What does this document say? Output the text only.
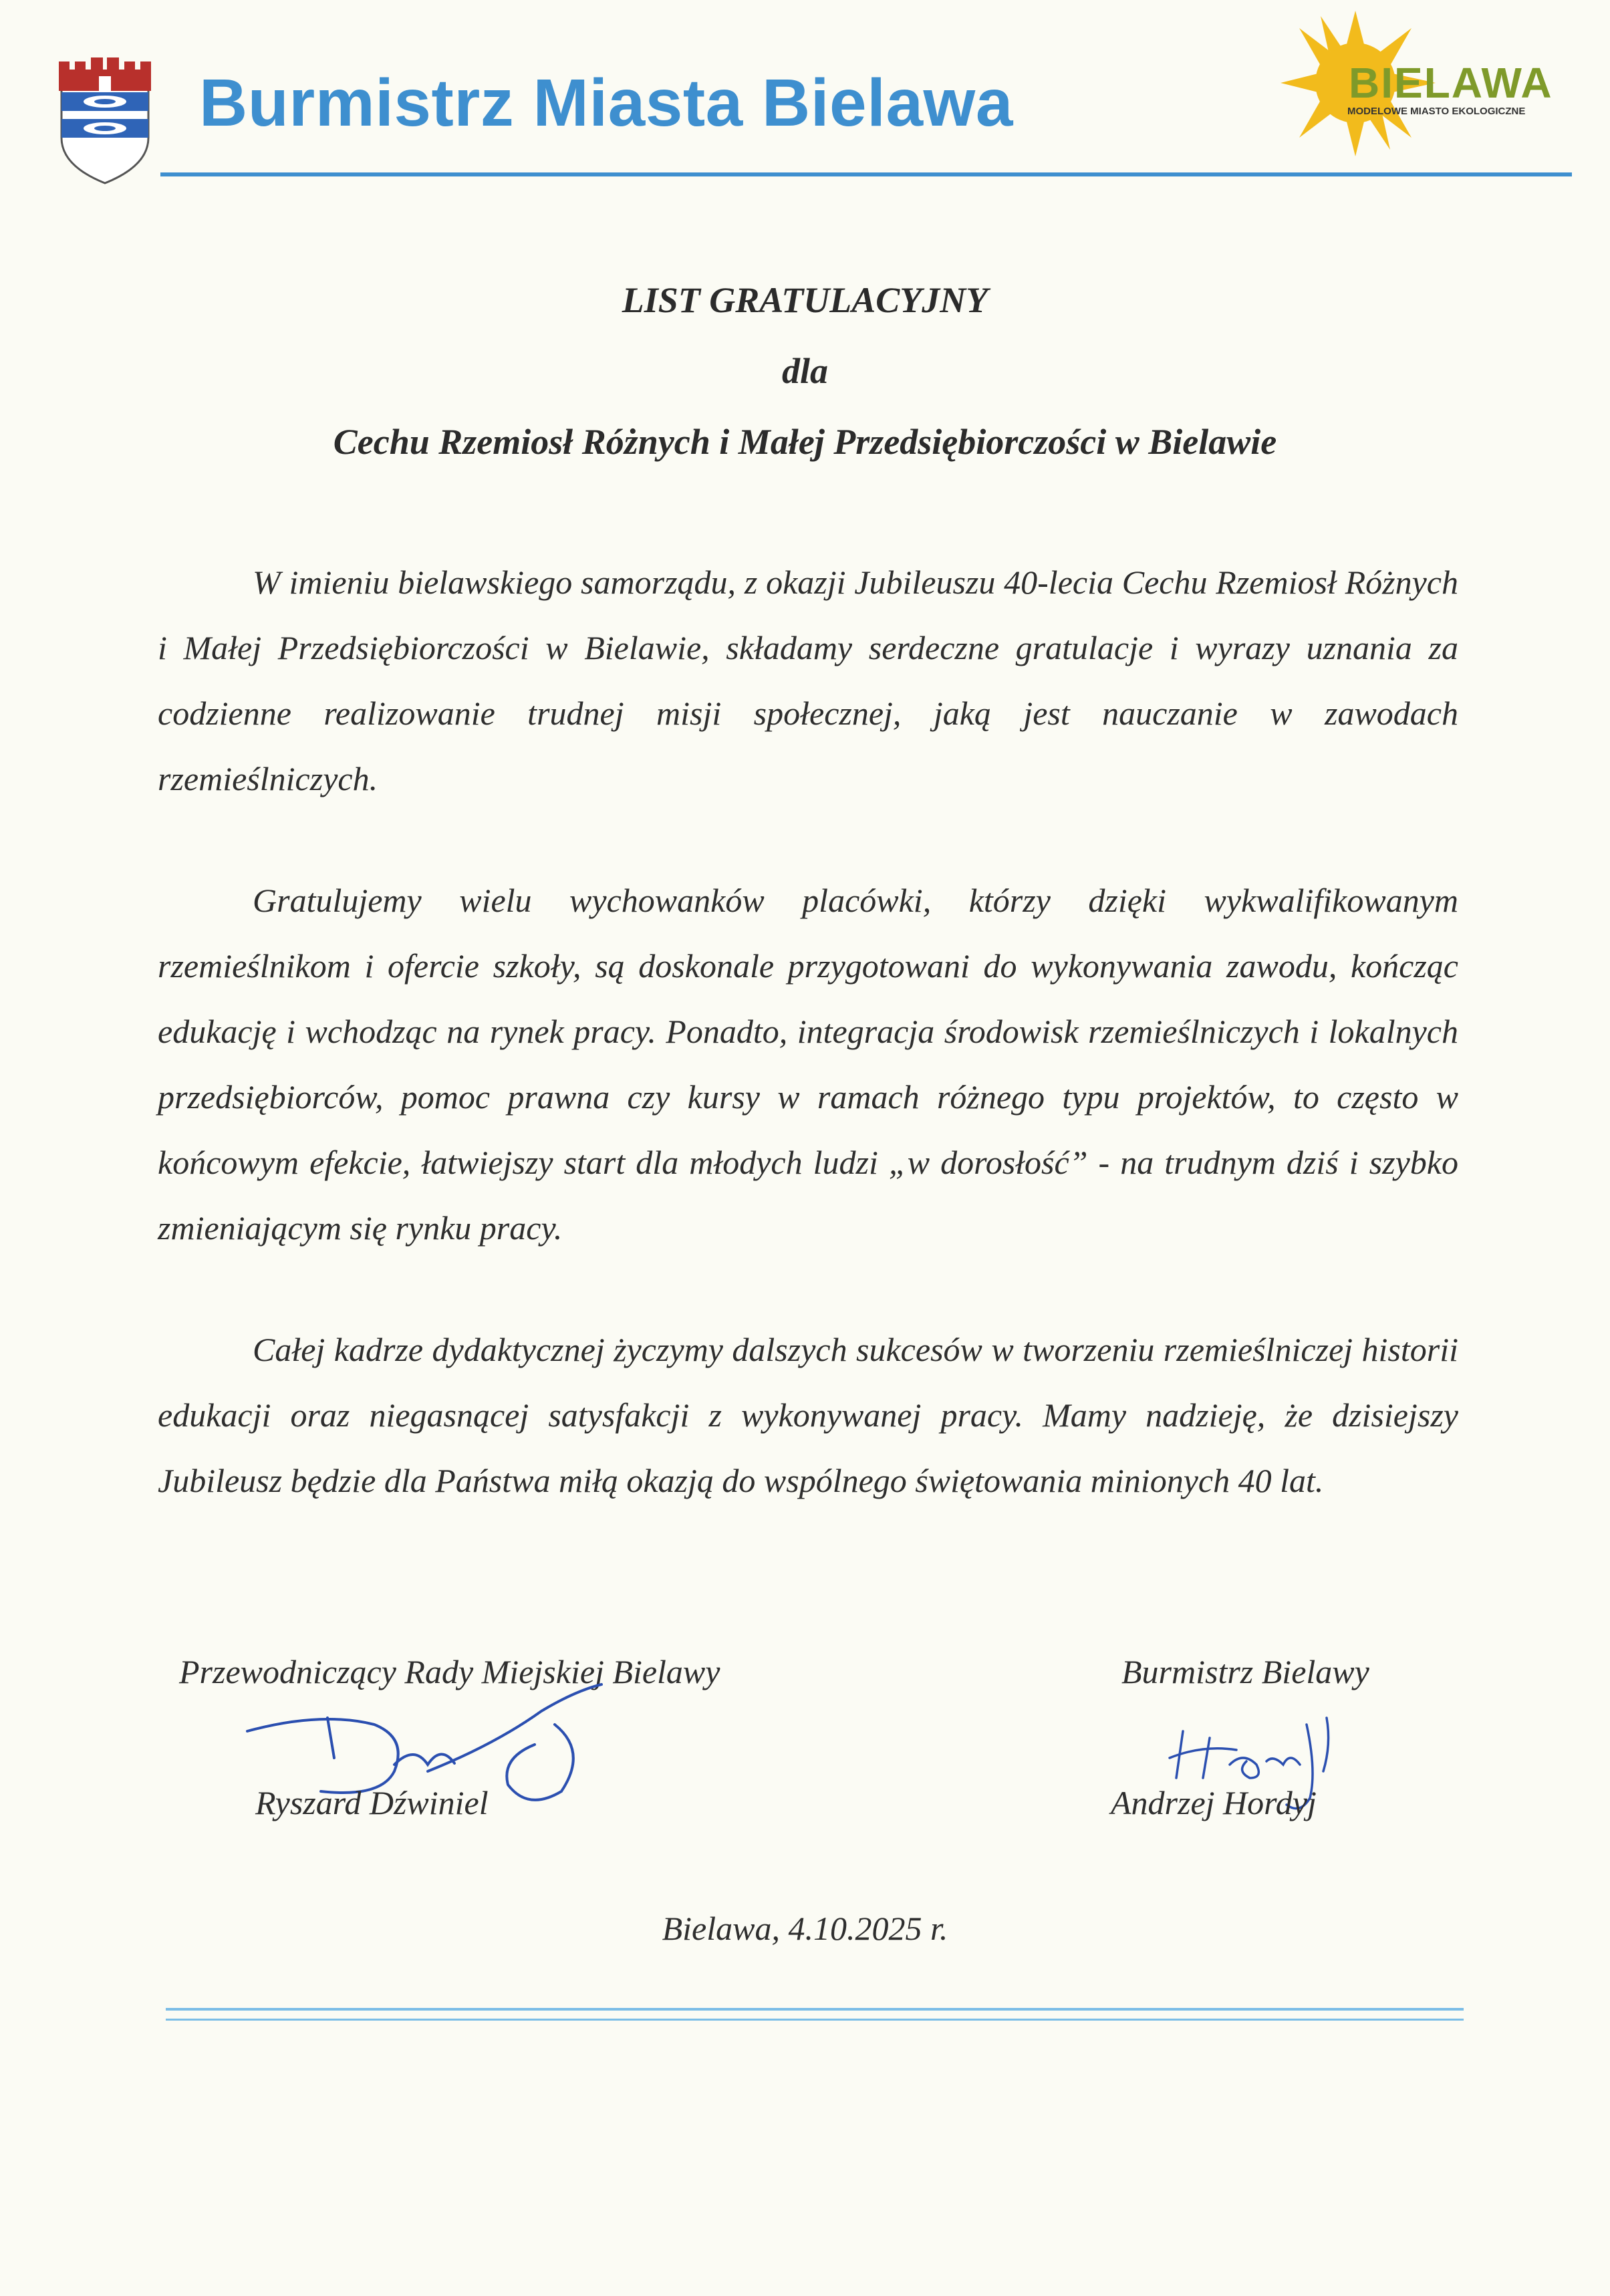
Burmistrz Miasta Bielawa	BIELAWA
MODELOWE MIASTO EKOLOGICZNE
LIST GRATULACYJNY
dla
Cechu Rzemiosł Różnych i Małej Przedsiębiorczości w Bielawie
W imieniu bielawskiego samorządu, z okazji Jubileuszu 40-lecia Cechu Rzemiosł Różnych i Małej Przedsiębiorczości w Bielawie, składamy serdeczne gratulacje i wyrazy uznania za codzienne realizowanie trudnej misji społecznej, jaką jest nauczanie w zawodach rzemieślniczych.
Gratulujemy wielu wychowanków placówki, którzy dzięki wykwalifikowanym rzemieślnikom i ofercie szkoły, są doskonale przygotowani do wykonywania zawodu, kończąc edukację i wchodząc na rynek pracy. Ponadto, integracja środowisk rzemieślniczych i lokalnych przedsiębiorców, pomoc prawna czy kursy w ramach różnego typu projektów, to często w końcowym efekcie, łatwiejszy start dla młodych ludzi „w dorosłość” - na trudnym dziś i szybko zmieniającym się rynku pracy.
Całej kadrze dydaktycznej życzymy dalszych sukcesów w tworzeniu rzemieślniczej historii edukacji oraz niegasnącej satysfakcji z wykonywanej pracy. Mamy nadzieję, że dzisiejszy Jubileusz będzie dla Państwa miłą okazją do wspólnego świętowania minionych 40 lat.
Przewodniczący Rady Miejskiej Bielawy	Burmistrz Bielawy
Ryszard Dźwiniel	Andrzej Hordyj
Bielawa, 4.10.2025 r.
